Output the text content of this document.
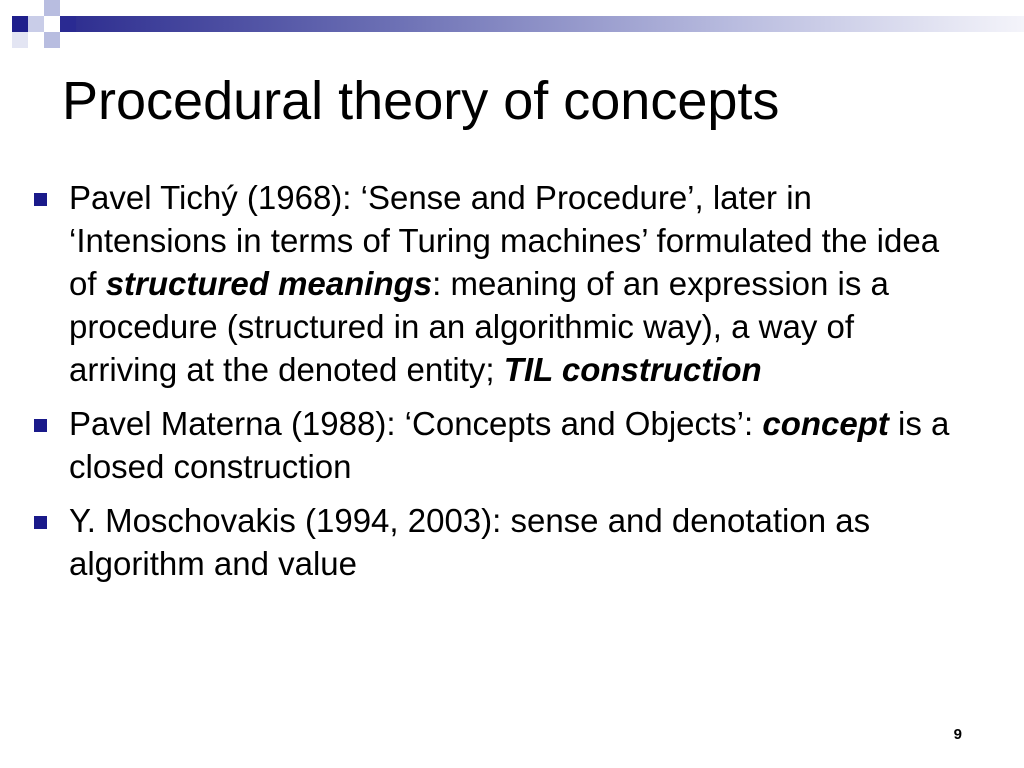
Procedural theory of concepts
Pavel Tichý (1968): ‘Sense and Procedure’, later in ‘Intensions in terms of Turing machines’ formulated the idea of structured meanings: meaning of an expression is a procedure (structured in an algorithmic way), a way of arriving at the denoted entity; TIL construction
Pavel Materna (1988): ‘Concepts and Objects’: concept is a closed construction
Y. Moschovakis (1994, 2003): sense and denotation as algorithm and value
9
